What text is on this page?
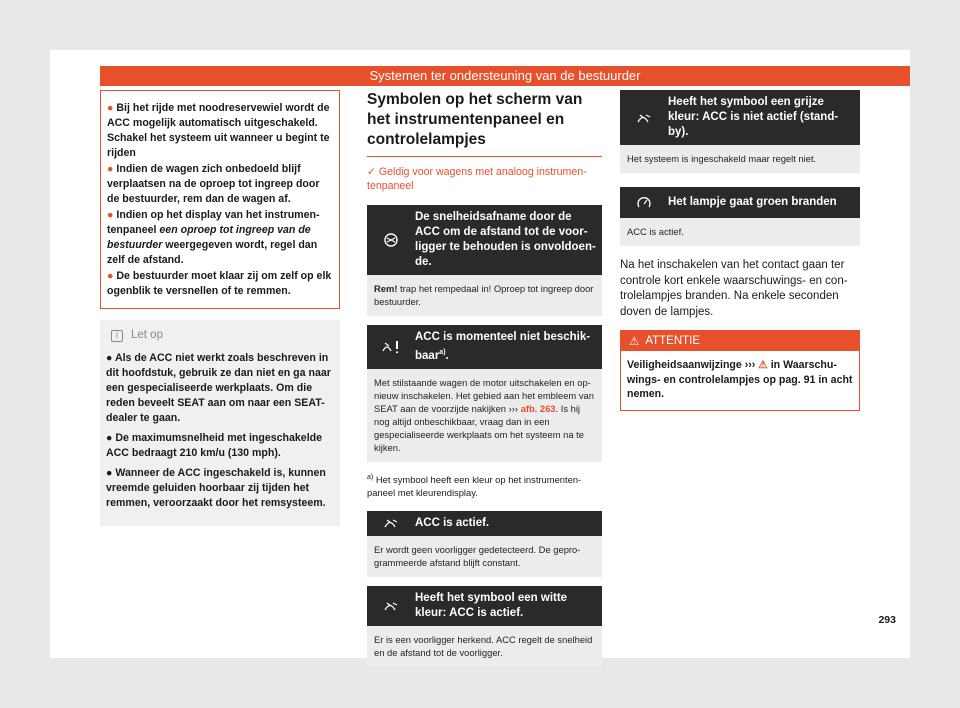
Systemen ter ondersteuning van de bestuurder

● Bij het rijde met noodreservewiel wordt de ACC mogelijk automatisch uitgeschakeld. Schakel het systeem uit wanneer u begint te rijden

● Indien de wagen zich onbedoeld blijf verplaatsen na de oproep tot ingreep door de bestuurder, rem dan de wagen af.

● Indien op het display van het instrumentenpaneel een oproep tot ingreep van de bestuurder weergegeven wordt, regel dan zelf de afstand.

● De bestuurder moet klaar zij om zelf op elk ogenblik te versnellen of te remmen.

i	Let op

● Als de ACC niet werkt zoals beschreven in dit hoofdstuk, gebruik ze dan niet en ga naar een gespecialiseerde werkplaats. Om die reden beveelt SEAT aan om naar een SEAT-dealer te gaan.

● De maximumsnelheid met ingeschakelde ACC bedraagt 210 km/u (130 mph).

● Wanneer de ACC ingeschakeld is, kunnen vreemde geluiden hoorbaar zij tijden het remmen, veroorzaakt door het remsysteem.

Symbolen op het scherm van het instrumentenpaneel en controlelampjes
✓ Geldig voor wagens met analoog instrumentenpaneel
De snelheidsafname door de ACC om de afstand tot de voorligger te behouden is onvoldoende.
Rem! trap het rempedaal in! Oproep tot ingreep door bestuurder.
ACC is momenteel niet beschikbaar$^{a)}$.
Met stilstaande wagen de motor uitschakelen en opnieuw inschakelen. Het gebied aan het embleem van SEAT aan de voorzijde nakijken ››› afb. 263. Is hij nog altijd onbeschikbaar, vraag dan in een gespecialiseerde werkplaats om het systeem na te kijken.
$^{a)}$ Het symbool heeft een kleur op het instrumentenpaneel met kleurendisplay.
ACC is actief.
Er wordt geen voorligger gedetecteerd. De geprogrammeerde afstand blijft constant.
Heeft het symbool een witte kleur: ACC is actief.
Er is een voorligger herkend. ACC regelt de snelheid en de afstand tot de voorligger.
Heeft het symbool een grijze kleur: ACC is niet actief (stand-by).
Het systeem is ingeschakeld maar regelt niet.
Het lampje gaat groen branden
ACC is actief.

Na het inschakelen van het contact gaan ter controle kort enkele waarschuwings- en controlelampjes branden. Na enkele seconden doven de lampjes.

⚠ ATTENTIE
Veiligheidsaanwijzinge ››› ⚠ in Waarschuwings- en controlelampjes op pag. 91 in acht nemen.
293
